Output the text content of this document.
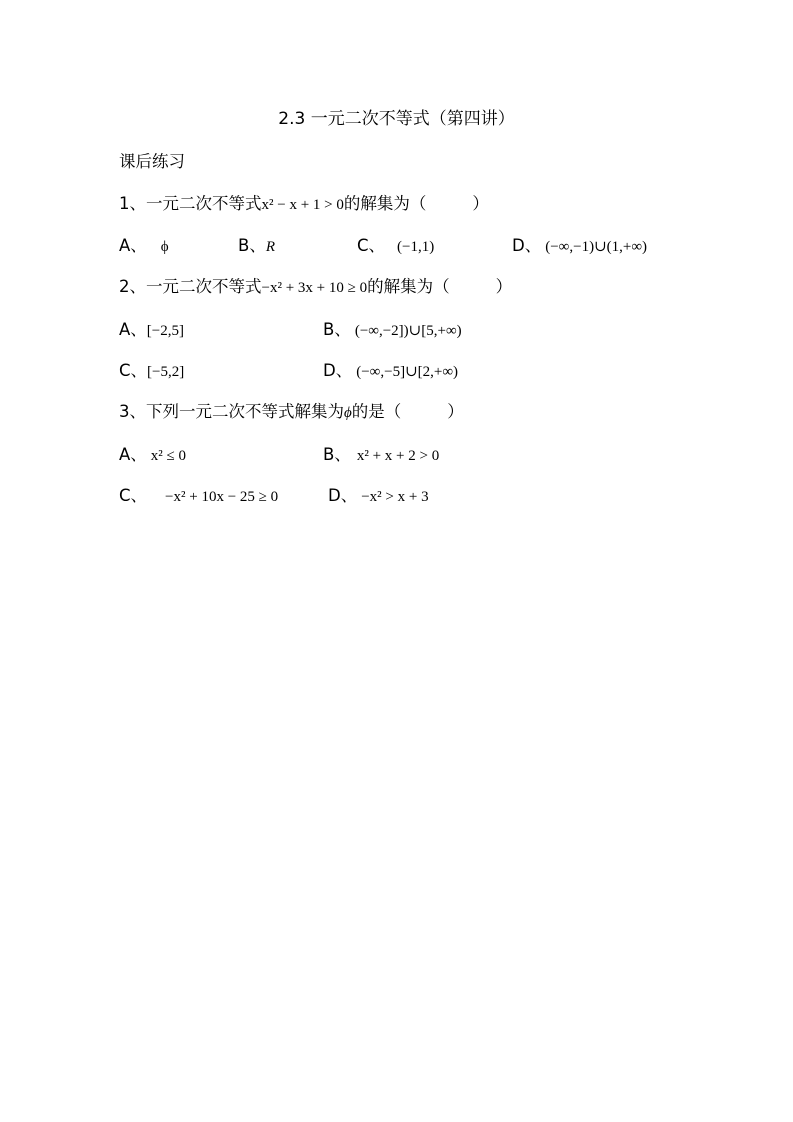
2.3 一元二次不等式（第四讲）
课后练习
1、一元二次不等式x² − x + 1 > 0的解集为（	）
A、 ϕ	B、R	C、 (−1,1)	D、 (−∞,−1)∪(1,+∞)
2、一元二次不等式−x² + 3x + 10 ≥ 0的解集为（	）
A、[−2,5]	B、 (−∞,−2])∪[5,+∞)
C、[−5,2]	D、 (−∞,−5]∪[2,+∞)
3、下列一元二次不等式解集为ϕ的是（	）
A、 x² ≤ 0	B、 x² + x + 2 > 0
C、 −x² + 10x − 25 ≥ 0	D、 −x² > x + 3
